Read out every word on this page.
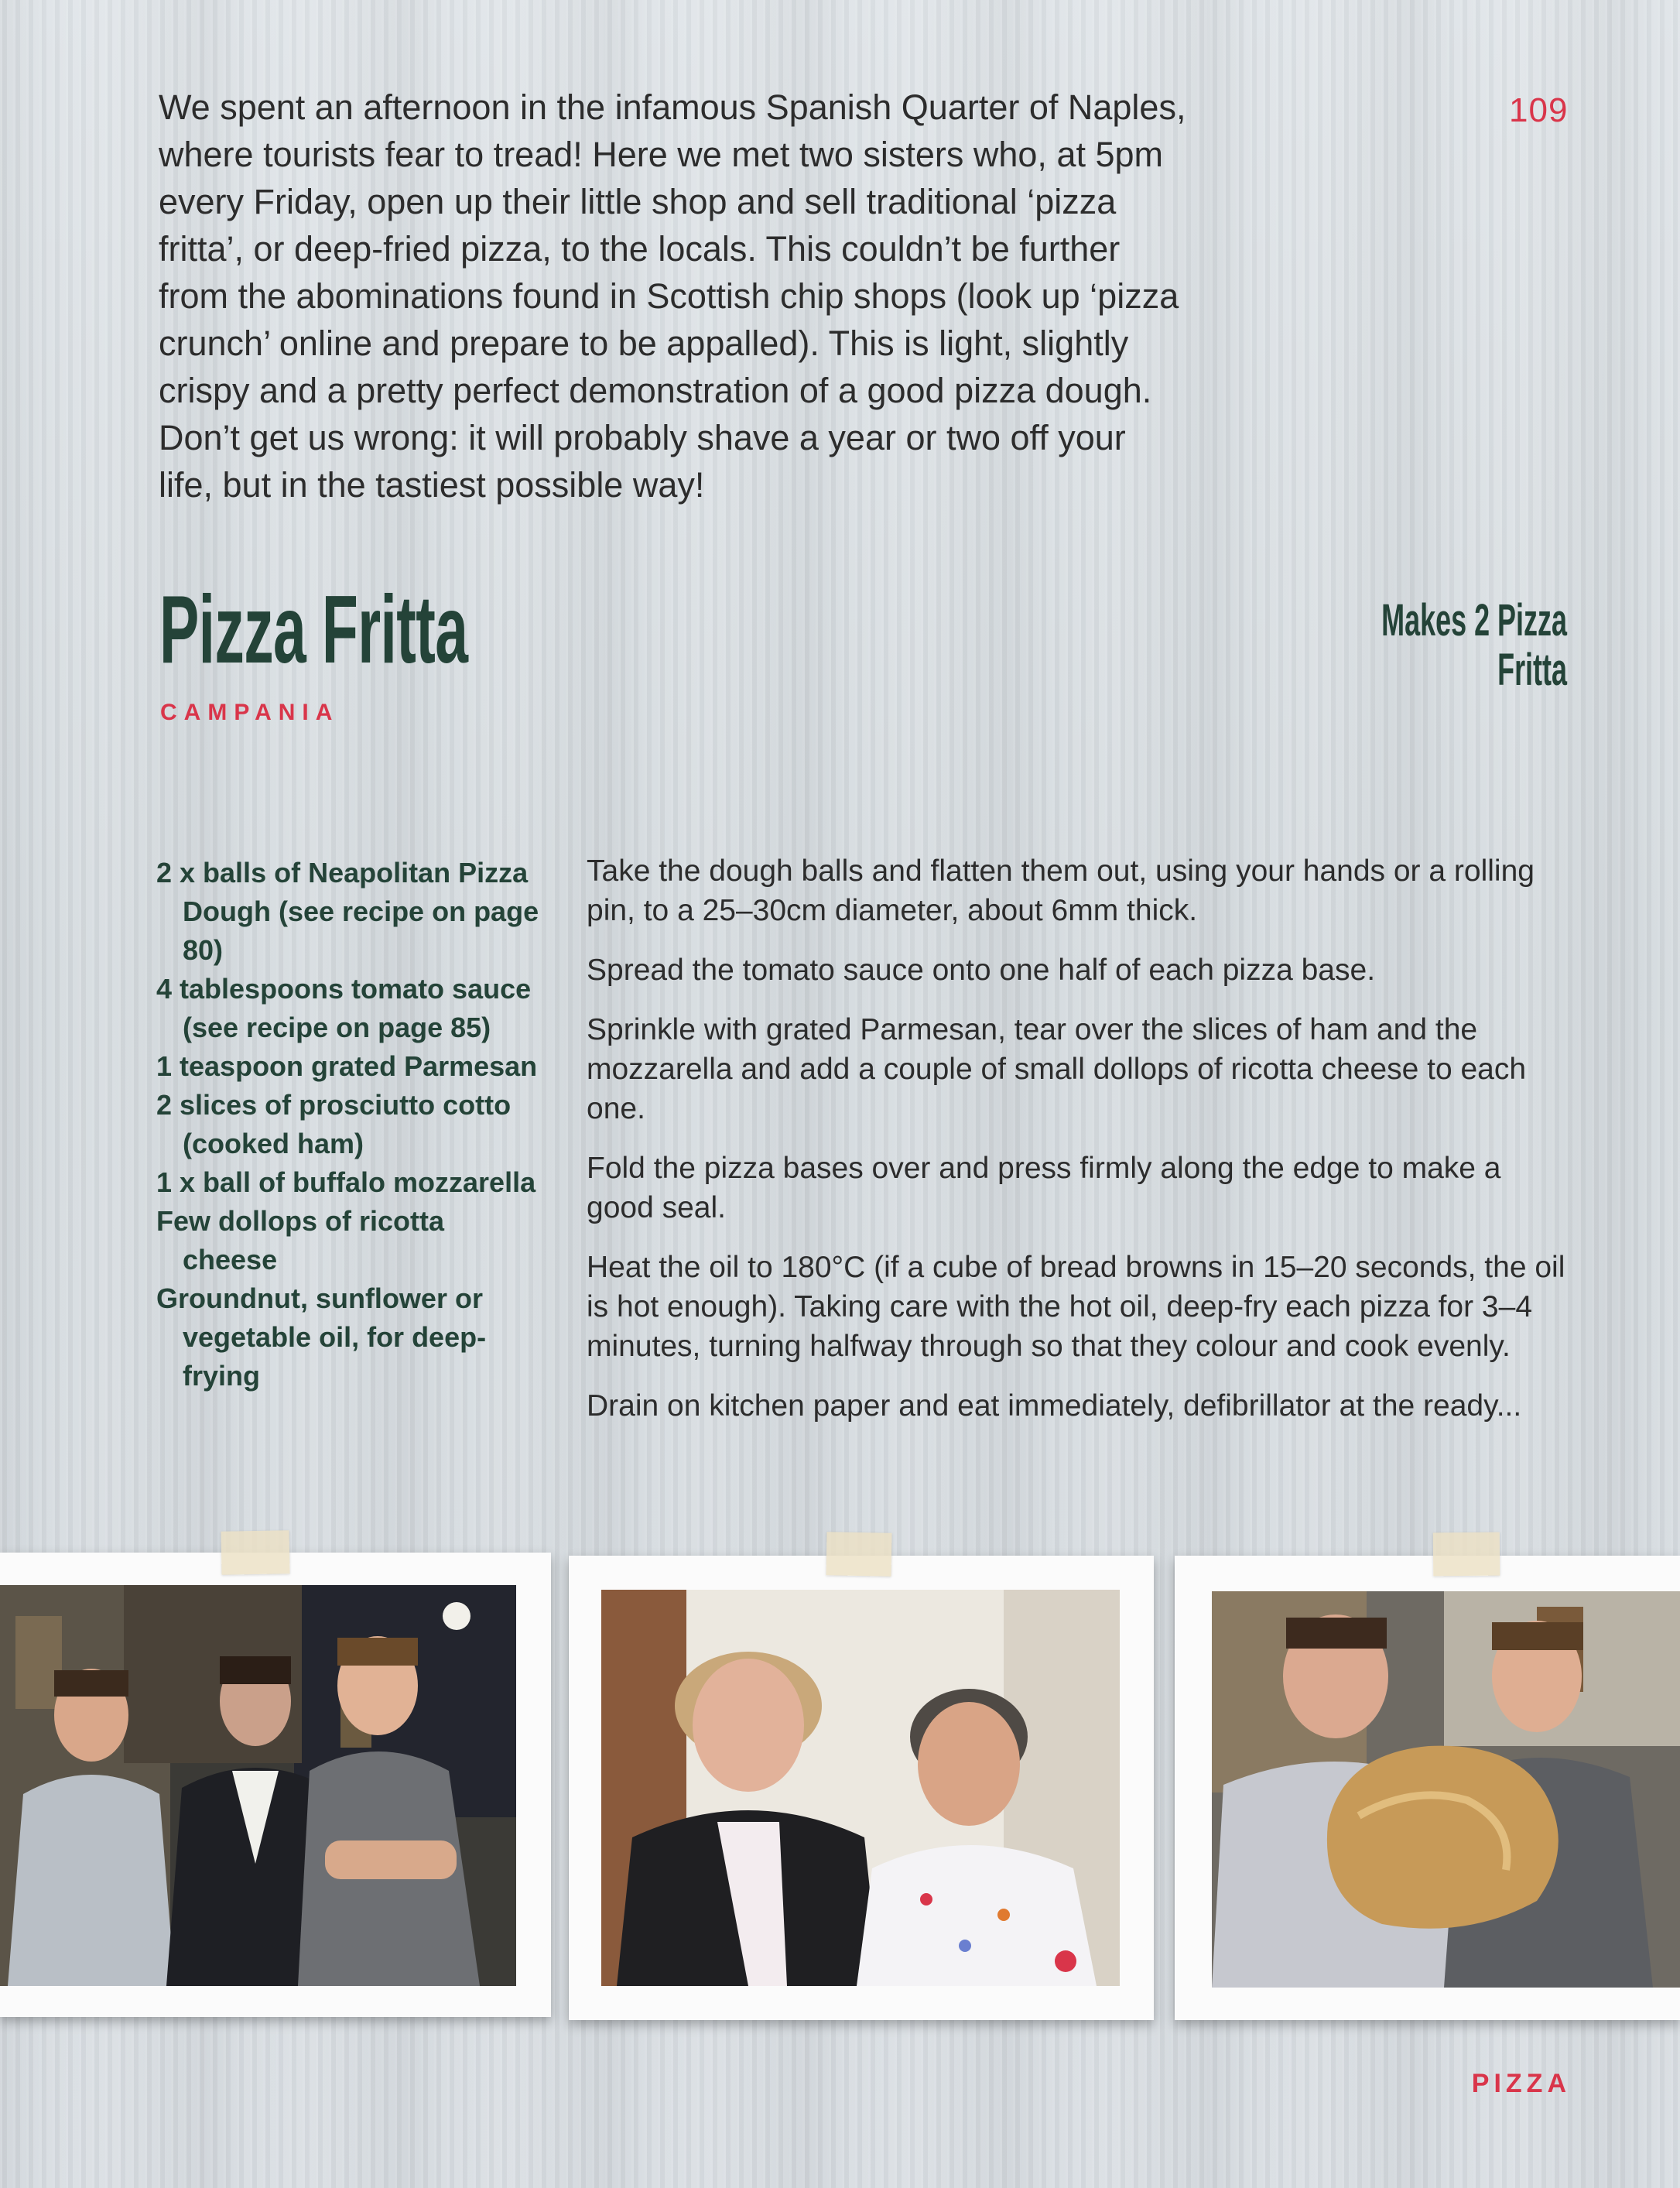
109

We spent an afternoon in the infamous Spanish Quarter of Naples, where tourists fear to tread! Here we met two sisters who, at 5pm every Friday, open up their little shop and sell traditional ‘pizza fritta’, or deep-fried pizza, to the locals. This couldn’t be further from the abominations found in Scottish chip shops (look up ‘pizza crunch’ online and prepare to be appalled). This is light, slightly crispy and a pretty perfect demonstration of a good pizza dough. Don’t get us wrong: it will probably shave a year or two off your life, but in the tastiest possible way!

Pizza Fritta
CAMPANIA
Makes 2 Pizza Fritta
2 x balls of Neapolitan Pizza Dough (see recipe on page 80)
4 tablespoons tomato sauce (see recipe on page 85)
1 teaspoon grated Parmesan
2 slices of prosciutto cotto (cooked ham)
1 x ball of buffalo mozzarella
Few dollops of ricotta cheese
Groundnut, sunflower or vegetable oil, for deep-frying

Take the dough balls and flatten them out, using your hands or a rolling pin, to a 25–30cm diameter, about 6mm thick.

Spread the tomato sauce onto one half of each pizza base.

Sprinkle with grated Parmesan, tear over the slices of ham and the mozzarella and add a couple of small dollops of ricotta cheese to each one.

Fold the pizza bases over and press firmly along the edge to make a good seal.

Heat the oil to 180°C (if a cube of bread browns in 15–20 seconds, the oil is hot enough). Taking care with the hot oil, deep-fry each pizza for 3–4 minutes, turning halfway through so that they colour and cook evenly.

Drain on kitchen paper and eat immediately, defibrillator at the ready...

PIZZA
